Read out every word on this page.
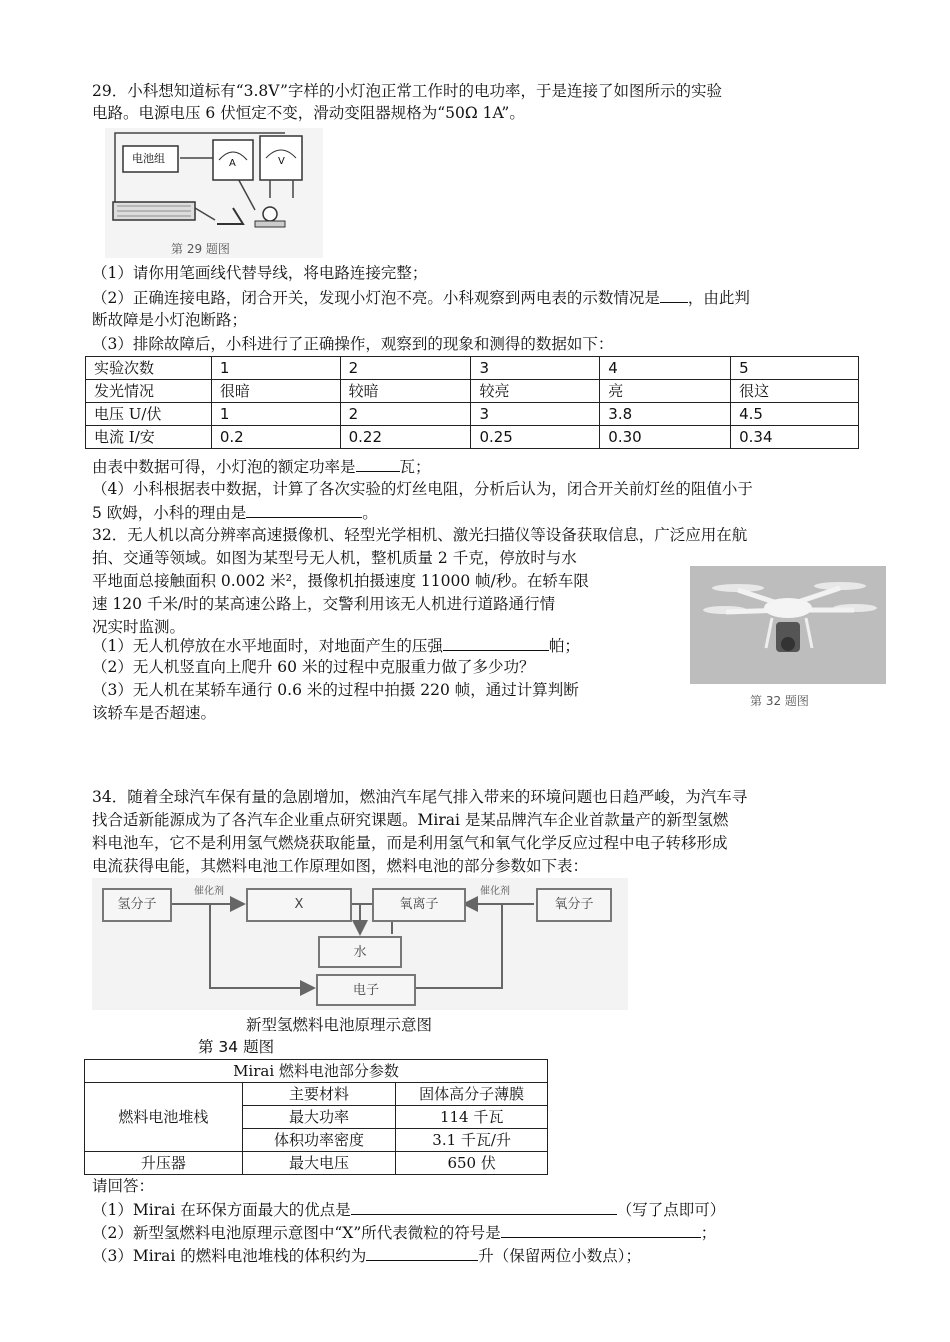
29．小科想知道标有“3.8V”字样的小灯泡正常工作时的电功率，于是连接了如图所示的实验
电路。电源电压 6 伏恒定不变，滑动变阻器规格为“50Ω 1A”。
电池组	A	V
第 29 题图
（1）请你用笔画线代替导线，将电路连接完整；
（2）正确连接电路，闭合开关，发现小灯泡不亮。小科观察到两电表的示数情况是 ，由此判
断故障是小灯泡断路；
（3）排除故障后，小科进行了正确操作，观察到的现象和测得的数据如下：
实验次数	1	2	3	4	5
发光情况	很暗	较暗	较亮	亮	很这
电压 U/伏	1	2	3	3.8	4.5
电流 I/安	0.2	0.22	0.25	0.30	0.34
由表中数据可得，小灯泡的额定功率是	瓦；
（4）小科根据表中数据，计算了各次实验的灯丝电阻，分析后认为，闭合开关前灯丝的阻值小于
5 欧姆，小科的理由是	。
32．无人机以高分辨率高速摄像机、轻型光学相机、激光扫描仪等设备获取信息，广泛应用在航
拍、交通等领域。如图为某型号无人机，整机质量 2 千克，停放时与水
平地面总接触面积 0.002 米²，摄像机拍摄速度 11000 帧/秒。在轿车限
速 120 千米/时的某高速公路上，交警利用该无人机进行道路通行情
况实时监测。
（1）无人机停放在水平地面时，对地面产生的压强	帕；
（2）无人机竖直向上爬升 60 米的过程中克服重力做了多少功？
（3）无人机在某轿车通行 0.6 米的过程中拍摄 220 帧，通过计算判断
该轿车是否超速。
第 32 题图
34．随着全球汽车保有量的急剧增加，燃油汽车尾气排入带来的环境问题也日趋严峻，为汽车寻
找合适新能源成为了各汽车企业重点研究课题。Mirai 是某品牌汽车企业首款量产的新型氢燃
料电池车，它不是利用氢气燃烧获取能量，而是利用氢气和氧气化学反应过程中电子转移形成
电流获得电能，其燃料电池工作原理如图，燃料电池的部分参数如下表：
氢分子	X	氧离子	氧分子
水
电子
催化剂	催化剂
新型氢燃料电池原理示意图
第 34 题图
Mirai 燃料电池部分参数		
燃料电池堆栈	主要材料	固体高分子薄膜
	最大功率	114 千瓦
	体积功率密度	3.1 千瓦/升
升压器	最大电压	650 伏
请回答：
（1）Mirai 在环保方面最大的优点是	（写了点即可）
（2）新型氢燃料电池原理示意图中“X”所代表微粒的符号是	；
（3）Mirai 的燃料电池堆栈的体积约为	升（保留两位小数点）；
